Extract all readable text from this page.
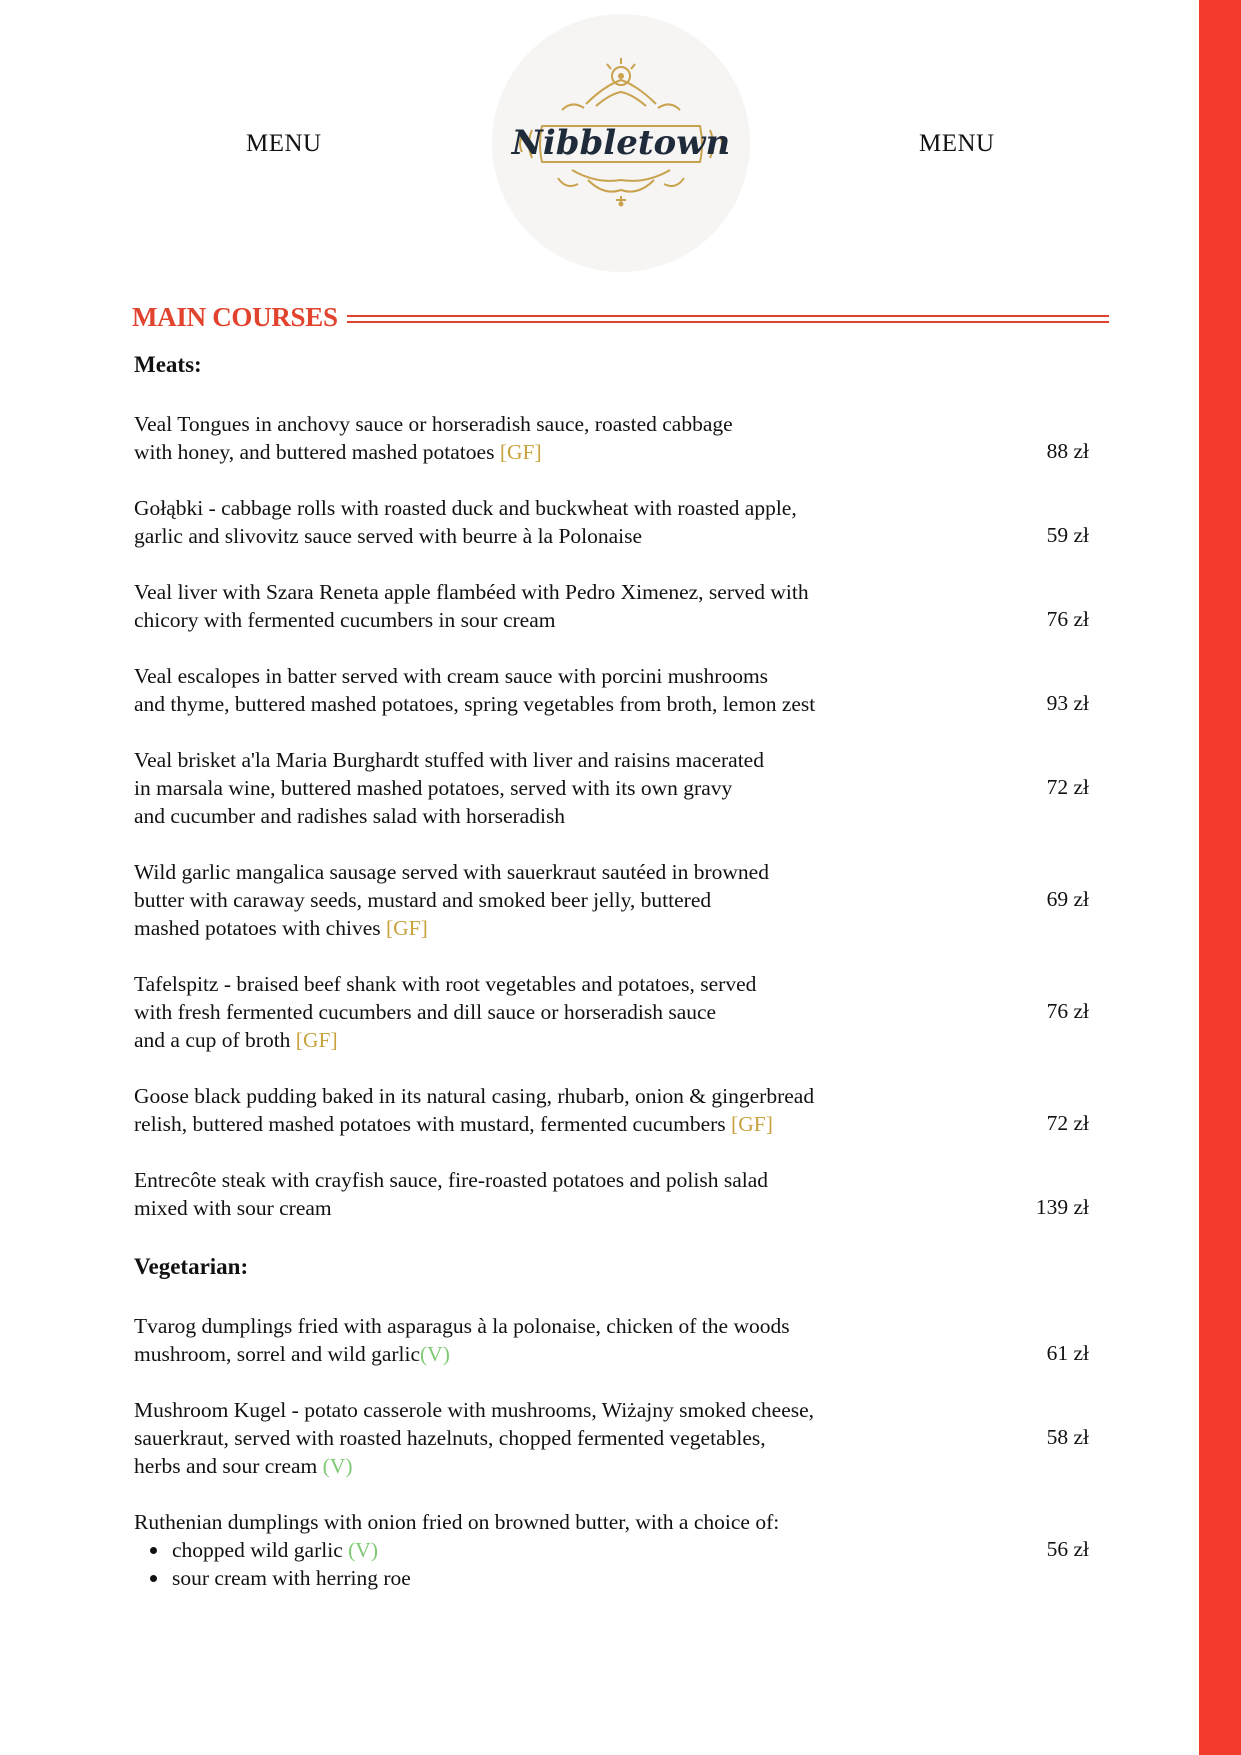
MENU	MENU
Nibbletown
MAIN COURSES
Meats:
Veal Tongues in anchovy sauce or horseradish sauce, roasted cabbage
with honey, and buttered mashed potatoes [GF]	88 zł
Gołąbki - cabbage rolls with roasted duck and buckwheat with roasted apple,
garlic and slivovitz sauce served with beurre à la Polonaise	59 zł
Veal liver with Szara Reneta apple flambéed with Pedro Ximenez, served with
chicory with fermented cucumbers in sour cream	76 zł
Veal escalopes in batter served with cream sauce with porcini mushrooms
and thyme, buttered mashed potatoes, spring vegetables from broth, lemon zest	93 zł
Veal brisket a'la Maria Burghardt stuffed with liver and raisins macerated
in marsala wine, buttered mashed potatoes, served with its own gravy
and cucumber and radishes salad with horseradish
72 zł
Wild garlic mangalica sausage served with sauerkraut sautéed in browned
butter with caraway seeds, mustard and smoked beer jelly, buttered
mashed potatoes with chives [GF]
69 zł
Tafelspitz - braised beef shank with root vegetables and potatoes, served
with fresh fermented cucumbers and dill sauce or horseradish sauce
and a cup of broth [GF]
76 zł
Goose black pudding baked in its natural casing, rhubarb, onion & gingerbread
relish, buttered mashed potatoes with mustard, fermented cucumbers [GF]	72 zł
Entrecôte steak with crayfish sauce, fire-roasted potatoes and polish salad
mixed with sour cream	139 zł
Vegetarian:
Tvarog dumplings fried with asparagus à la polonaise, chicken of the woods
mushroom, sorrel and wild garlic(V)	61 zł
Mushroom Kugel - potato casserole with mushrooms, Wiżajny smoked cheese,
sauerkraut, served with roasted hazelnuts, chopped fermented vegetables,
herbs and sour cream (V)
58 zł
Ruthenian dumplings with onion fried on browned butter, with a choice of:
chopped wild garlic (V)
sour cream with herring roe
56 zł
